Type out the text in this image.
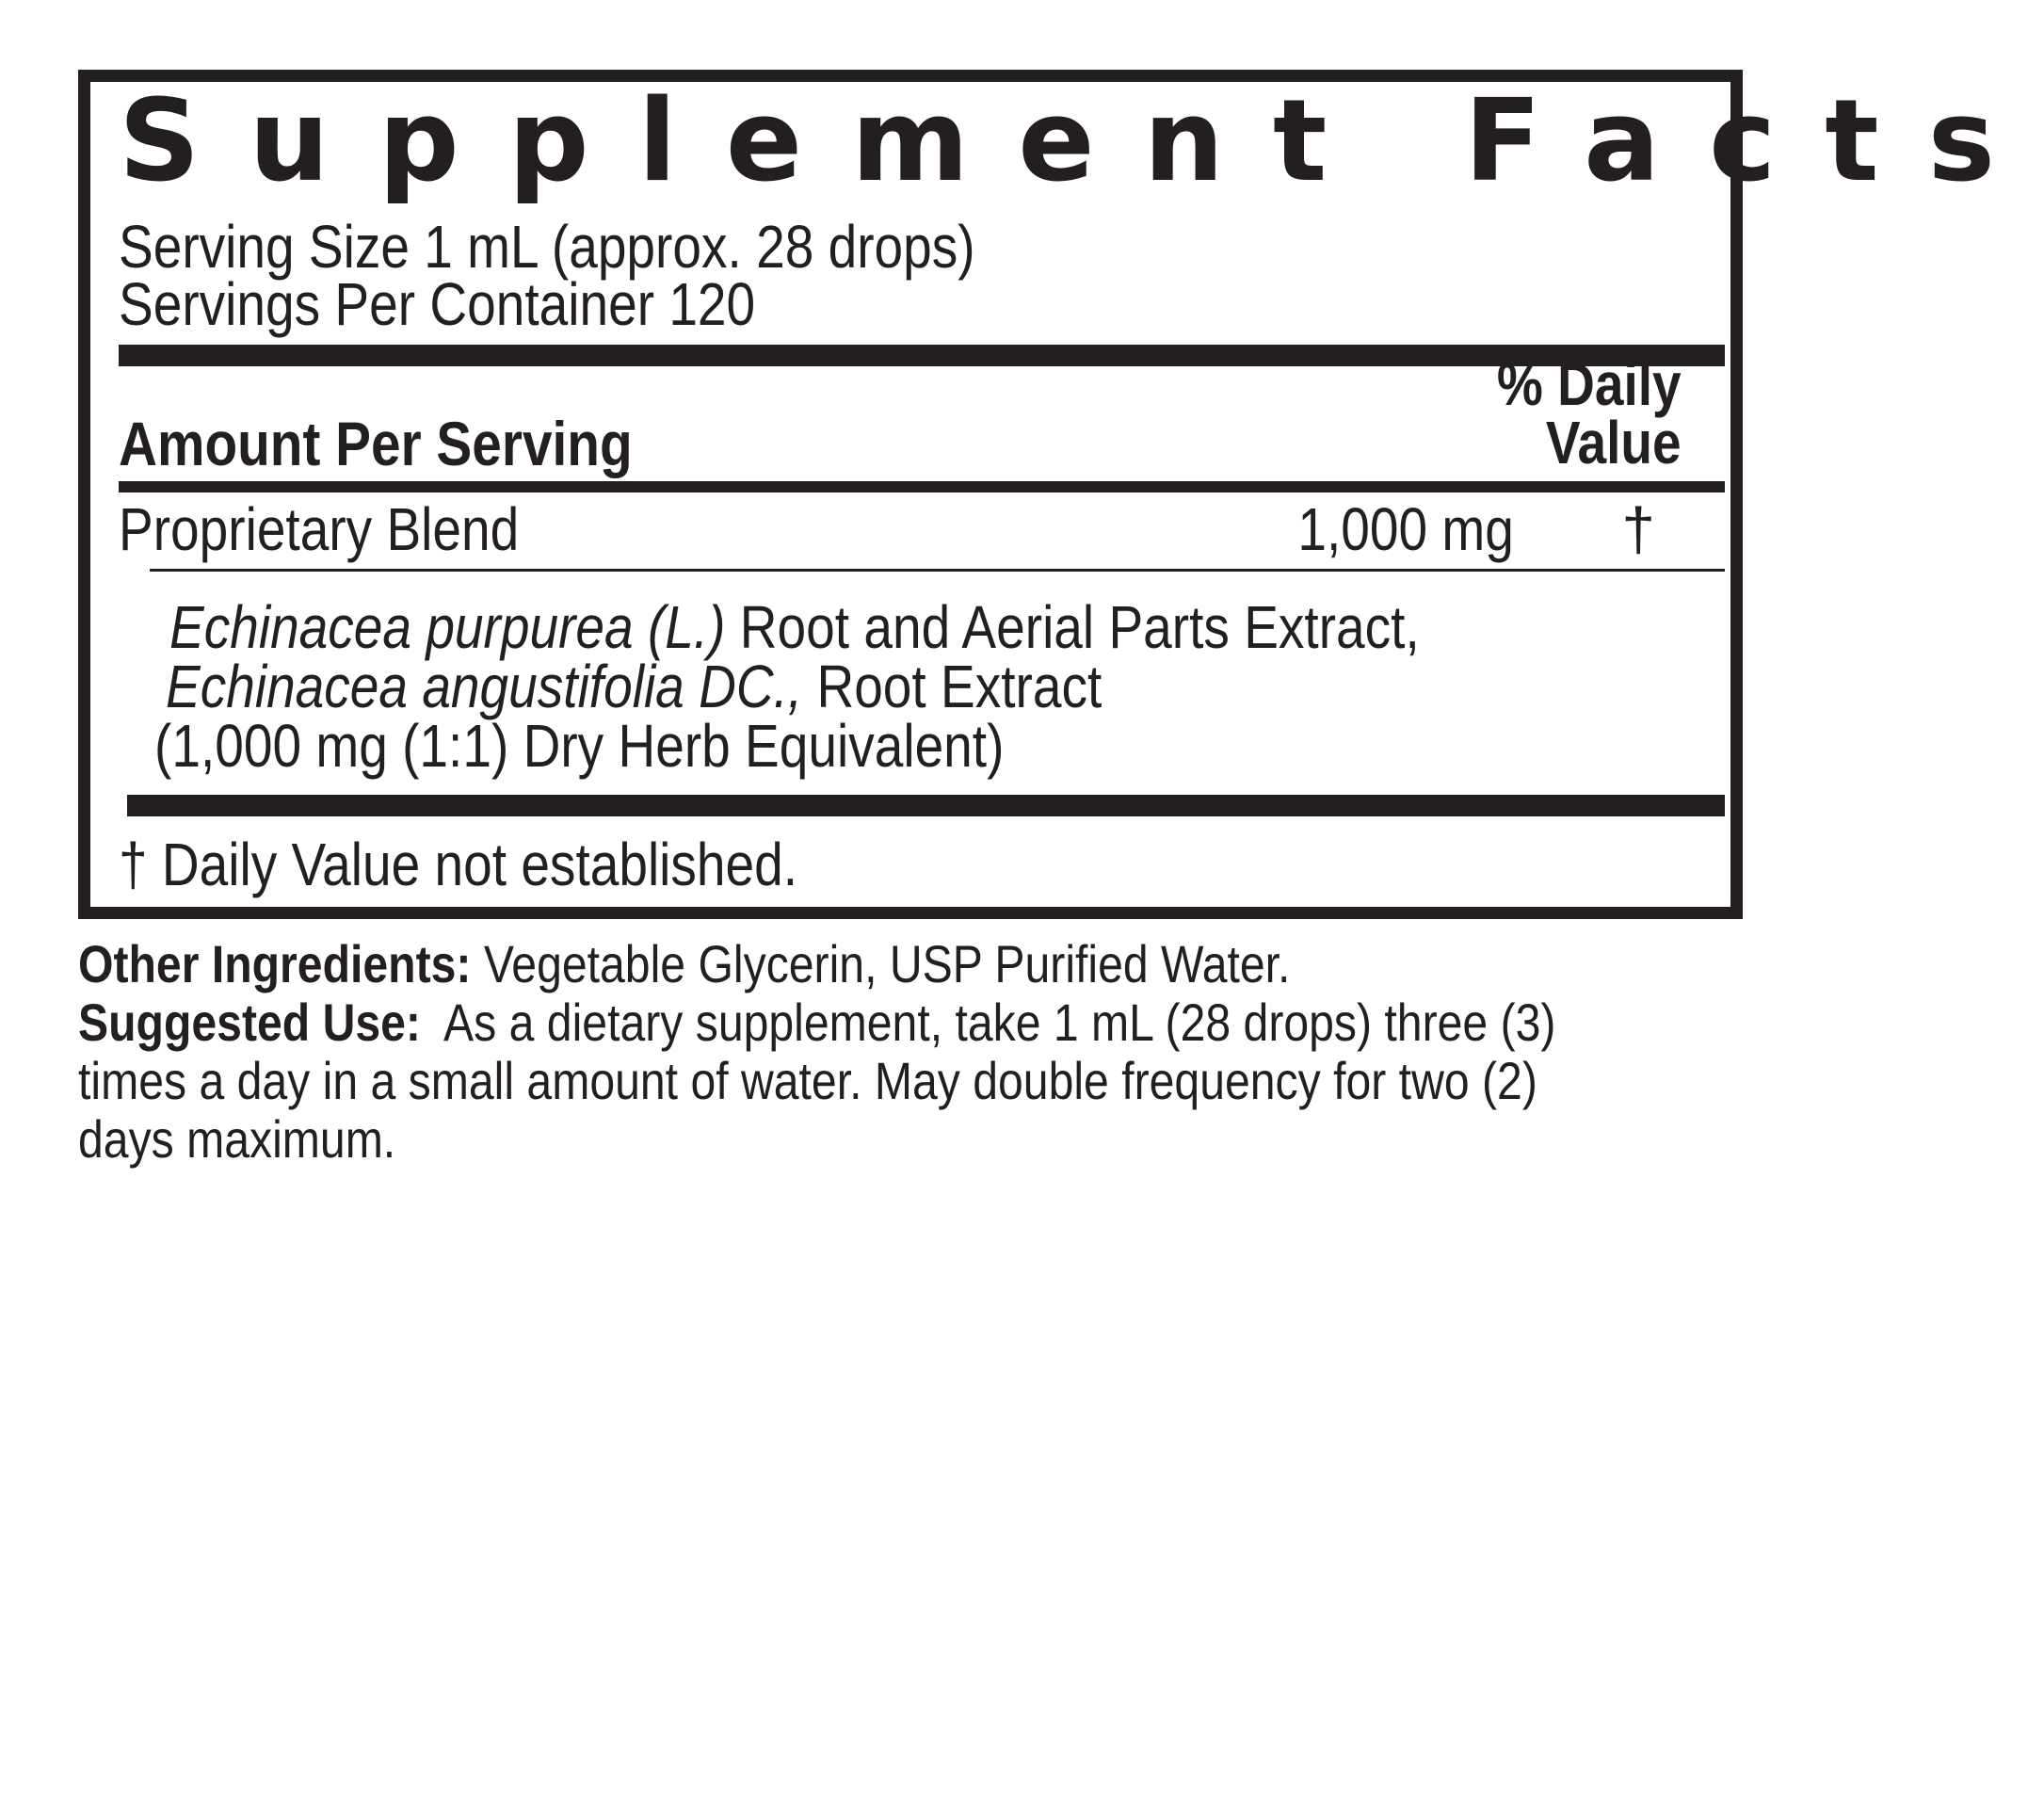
Supplement Facts
Serving Size 1 mL (approx. 28 drops)
Servings Per Container 120
% Daily
Value
Amount Per Serving
Proprietary Blend	1,000 mg †
Echinacea purpurea (L.) Root and Aerial Parts Extract,
Echinacea angustifolia DC., Root Extract
(1,000 mg (1:1) Dry Herb Equivalent)
† Daily Value not established.

Other Ingredients: Vegetable Glycerin, USP Purified Water.

Suggested Use:  As a dietary supplement, take 1 mL (28 drops) three (3) times a day in a small amount of water. May double frequency for two (2) days maximum.
